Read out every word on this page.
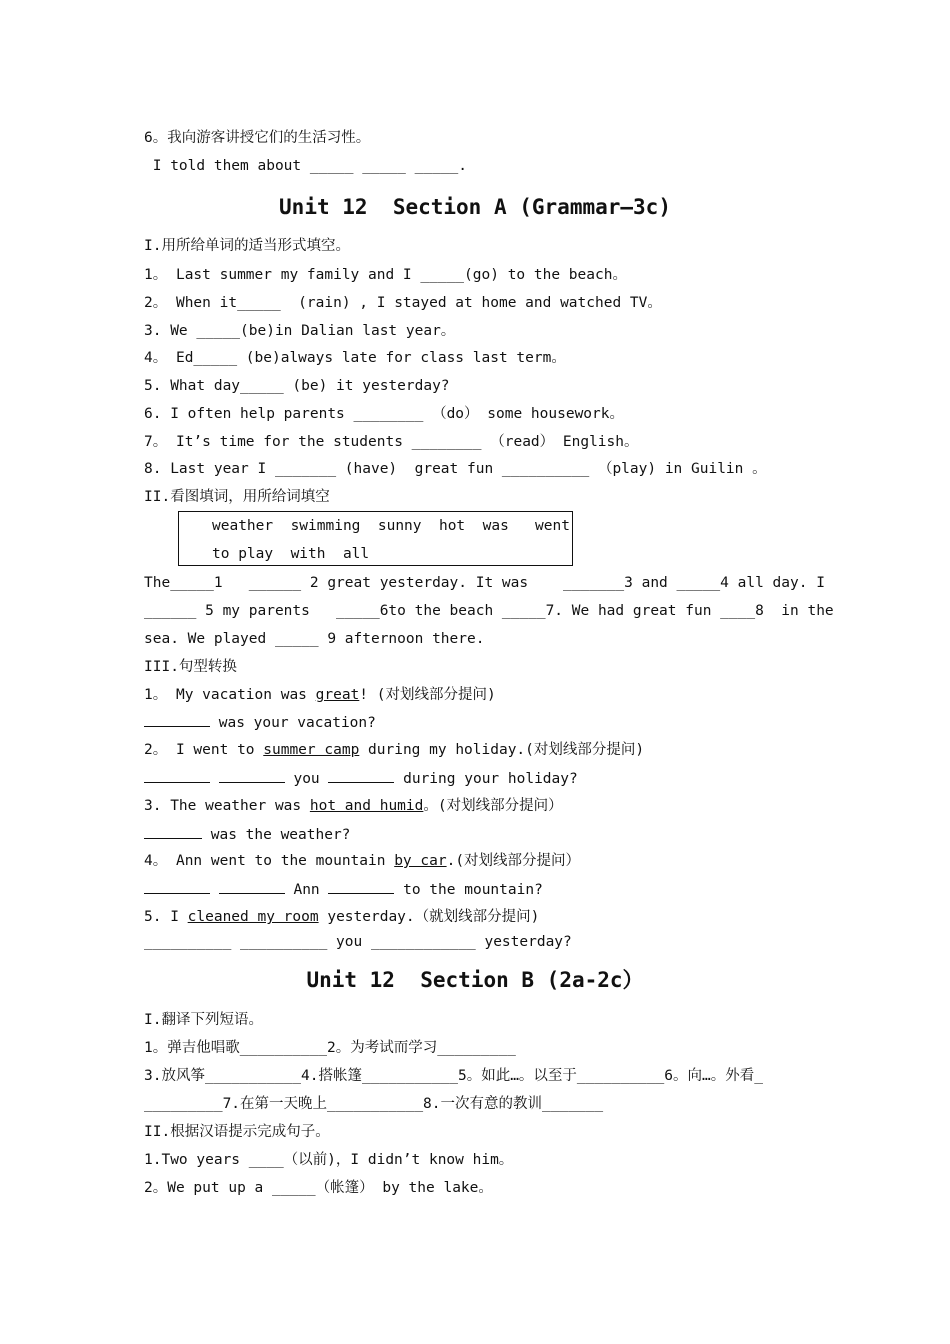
6。我向游客讲授它们的生活习性。
I told them about _____ _____ _____.
Unit 12  Section A (Grammar—3c)
I.用所给单词的适当形式填空。
1。 Last summer my family and I _____(go) to the beach。
2。 When it_____  (rain) , I stayed at home and watched TV。
3. We _____(be)in Dalian last year。
4。 Ed_____ (be)always late for class last term。
5. What day_____ (be) it yesterday?
6. I often help parents ________ （do） some housework。
7。 It’s time for the students ________ （read） English。
8. Last year I _______ (have)  great fun __________ （play) in Guilin 。
II.看图填词，用所给词填空
weather  swimming  sunny  hot  was   went
to play  with  all
The_____1   ______ 2 great yesterday. It was    _______3 and _____4 all day. I
______ 5 my parents   _____6to the beach _____7. We had great fun ____8  in the
sea. We played _____ 9 afternoon there.
III.句型转换
1。 My vacation was great! (对划线部分提问)
was your vacation?
2。 I went to summer camp during my holiday.(对划线部分提问)
you	during your holiday?
3. The weather was hot and humid。(对划线部分提问）
was the weather?
4。 Ann went to the mountain by car.(对划线部分提问）
Ann	to the mountain?
5. I cleaned my room yesterday.（就划线部分提问)
__________ __________ you ____________ yesterday?
Unit 12  Section B (2a-2c）
I.翻译下列短语。
1。弹吉他唱歌__________2。为考试而学习_________
3.放风筝___________4.搭帐篷___________5。如此…。以至于__________6。向…。外看_
_________7.在第一天晚上___________8.一次有意的教训_______
II.根据汉语提示完成句子。
1.Two years ____（以前)，I didn’t know him。
2。We put up a _____（帐篷） by the lake。
